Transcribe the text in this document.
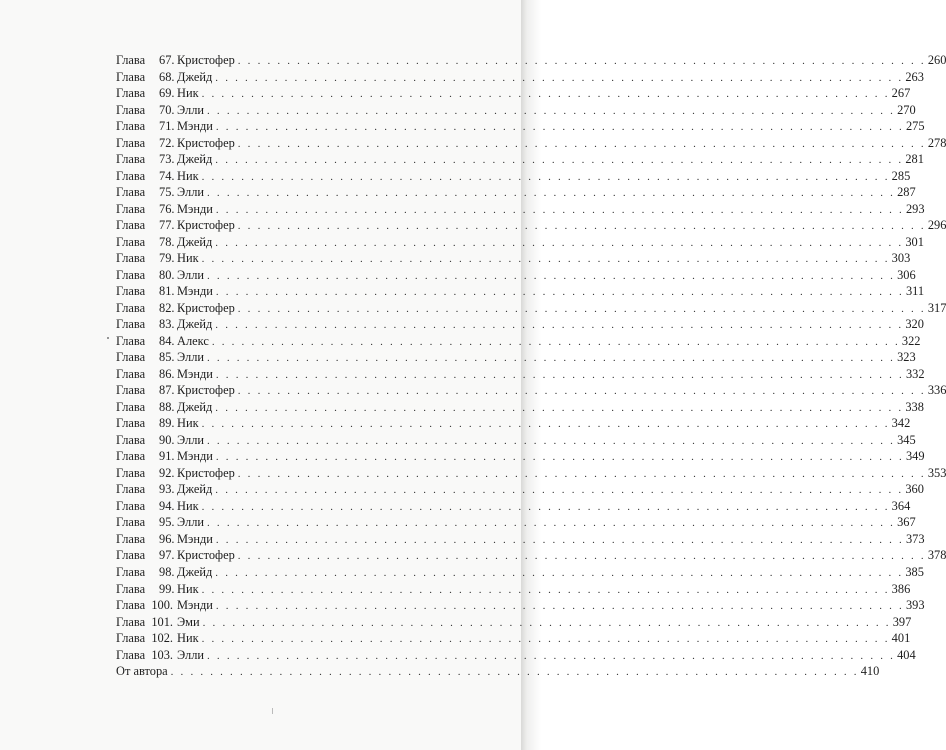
Глава	67. Кристофер . . . . . . . . . . . . . . . . . . . . . . . . . . . . . . . . . . . . . . . . . . . . . . . . . . . . . . . . . . . . . . . . . . . . . . 260
Глава	68. Джейд . . . . . . . . . . . . . . . . . . . . . . . . . . . . . . . . . . . . . . . . . . . . . . . . . . . . . . . . . . . . . . . . . . . . . . 263
Глава	69. Ник . . . . . . . . . . . . . . . . . . . . . . . . . . . . . . . . . . . . . . . . . . . . . . . . . . . . . . . . . . . . . . . . . . . . . . 267
Глава	70. Элли . . . . . . . . . . . . . . . . . . . . . . . . . . . . . . . . . . . . . . . . . . . . . . . . . . . . . . . . . . . . . . . . . . . . . . 270
Глава	71. Мэнди . . . . . . . . . . . . . . . . . . . . . . . . . . . . . . . . . . . . . . . . . . . . . . . . . . . . . . . . . . . . . . . . . . . . . . 275
Глава	72. Кристофер . . . . . . . . . . . . . . . . . . . . . . . . . . . . . . . . . . . . . . . . . . . . . . . . . . . . . . . . . . . . . . . . . . . . . . 278
Глава	73. Джейд . . . . . . . . . . . . . . . . . . . . . . . . . . . . . . . . . . . . . . . . . . . . . . . . . . . . . . . . . . . . . . . . . . . . . . 281
Глава	74. Ник . . . . . . . . . . . . . . . . . . . . . . . . . . . . . . . . . . . . . . . . . . . . . . . . . . . . . . . . . . . . . . . . . . . . . . 285
Глава	75. Элли . . . . . . . . . . . . . . . . . . . . . . . . . . . . . . . . . . . . . . . . . . . . . . . . . . . . . . . . . . . . . . . . . . . . . . 287
Глава	76. Мэнди . . . . . . . . . . . . . . . . . . . . . . . . . . . . . . . . . . . . . . . . . . . . . . . . . . . . . . . . . . . . . . . . . . . . . . 293
Глава	77. Кристофер . . . . . . . . . . . . . . . . . . . . . . . . . . . . . . . . . . . . . . . . . . . . . . . . . . . . . . . . . . . . . . . . . . . . . . 296
Глава	78. Джейд . . . . . . . . . . . . . . . . . . . . . . . . . . . . . . . . . . . . . . . . . . . . . . . . . . . . . . . . . . . . . . . . . . . . . . 301
Глава	79. Ник . . . . . . . . . . . . . . . . . . . . . . . . . . . . . . . . . . . . . . . . . . . . . . . . . . . . . . . . . . . . . . . . . . . . . . 303
Глава	80. Элли . . . . . . . . . . . . . . . . . . . . . . . . . . . . . . . . . . . . . . . . . . . . . . . . . . . . . . . . . . . . . . . . . . . . . . 306
Глава	81. Мэнди . . . . . . . . . . . . . . . . . . . . . . . . . . . . . . . . . . . . . . . . . . . . . . . . . . . . . . . . . . . . . . . . . . . . . . 311
Глава	82. Кристофер . . . . . . . . . . . . . . . . . . . . . . . . . . . . . . . . . . . . . . . . . . . . . . . . . . . . . . . . . . . . . . . . . . . . . . 317
Глава	83. Джейд . . . . . . . . . . . . . . . . . . . . . . . . . . . . . . . . . . . . . . . . . . . . . . . . . . . . . . . . . . . . . . . . . . . . . . 320
Глава	84. Алекс . . . . . . . . . . . . . . . . . . . . . . . . . . . . . . . . . . . . . . . . . . . . . . . . . . . . . . . . . . . . . . . . . . . . . . 322
Глава	85. Элли . . . . . . . . . . . . . . . . . . . . . . . . . . . . . . . . . . . . . . . . . . . . . . . . . . . . . . . . . . . . . . . . . . . . . . 323
Глава	86. Мэнди . . . . . . . . . . . . . . . . . . . . . . . . . . . . . . . . . . . . . . . . . . . . . . . . . . . . . . . . . . . . . . . . . . . . . . 332
Глава	87. Кристофер . . . . . . . . . . . . . . . . . . . . . . . . . . . . . . . . . . . . . . . . . . . . . . . . . . . . . . . . . . . . . . . . . . . . . . 336
Глава	88. Джейд . . . . . . . . . . . . . . . . . . . . . . . . . . . . . . . . . . . . . . . . . . . . . . . . . . . . . . . . . . . . . . . . . . . . . . 338
Глава	89. Ник . . . . . . . . . . . . . . . . . . . . . . . . . . . . . . . . . . . . . . . . . . . . . . . . . . . . . . . . . . . . . . . . . . . . . . 342
Глава	90. Элли . . . . . . . . . . . . . . . . . . . . . . . . . . . . . . . . . . . . . . . . . . . . . . . . . . . . . . . . . . . . . . . . . . . . . . 345
Глава	91. Мэнди . . . . . . . . . . . . . . . . . . . . . . . . . . . . . . . . . . . . . . . . . . . . . . . . . . . . . . . . . . . . . . . . . . . . . . 349
Глава	92. Кристофер . . . . . . . . . . . . . . . . . . . . . . . . . . . . . . . . . . . . . . . . . . . . . . . . . . . . . . . . . . . . . . . . . . . . . . 353
Глава	93. Джейд . . . . . . . . . . . . . . . . . . . . . . . . . . . . . . . . . . . . . . . . . . . . . . . . . . . . . . . . . . . . . . . . . . . . . . 360
Глава	94. Ник . . . . . . . . . . . . . . . . . . . . . . . . . . . . . . . . . . . . . . . . . . . . . . . . . . . . . . . . . . . . . . . . . . . . . . 364
Глава	95. Элли . . . . . . . . . . . . . . . . . . . . . . . . . . . . . . . . . . . . . . . . . . . . . . . . . . . . . . . . . . . . . . . . . . . . . . 367
Глава	96. Мэнди . . . . . . . . . . . . . . . . . . . . . . . . . . . . . . . . . . . . . . . . . . . . . . . . . . . . . . . . . . . . . . . . . . . . . . 373
Глава	97. Кристофер . . . . . . . . . . . . . . . . . . . . . . . . . . . . . . . . . . . . . . . . . . . . . . . . . . . . . . . . . . . . . . . . . . . . . . 378
Глава	98. Джейд . . . . . . . . . . . . . . . . . . . . . . . . . . . . . . . . . . . . . . . . . . . . . . . . . . . . . . . . . . . . . . . . . . . . . . 385
Глава	99. Ник . . . . . . . . . . . . . . . . . . . . . . . . . . . . . . . . . . . . . . . . . . . . . . . . . . . . . . . . . . . . . . . . . . . . . . 386
Глава 100. Мэнди . . . . . . . . . . . . . . . . . . . . . . . . . . . . . . . . . . . . . . . . . . . . . . . . . . . . . . . . . . . . . . . . . . . . . . 393
Глава 101. Эми . . . . . . . . . . . . . . . . . . . . . . . . . . . . . . . . . . . . . . . . . . . . . . . . . . . . . . . . . . . . . . . . . . . . . . 397
Глава 102. Ник . . . . . . . . . . . . . . . . . . . . . . . . . . . . . . . . . . . . . . . . . . . . . . . . . . . . . . . . . . . . . . . . . . . . . . 401
Глава 103. Элли . . . . . . . . . . . . . . . . . . . . . . . . . . . . . . . . . . . . . . . . . . . . . . . . . . . . . . . . . . . . . . . . . . . . . . 404
От автора . . . . . . . . . . . . . . . . . . . . . . . . . . . . . . . . . . . . . . . . . . . . . . . . . . . . . . . . . . . . . . . . . . . . . . 410
